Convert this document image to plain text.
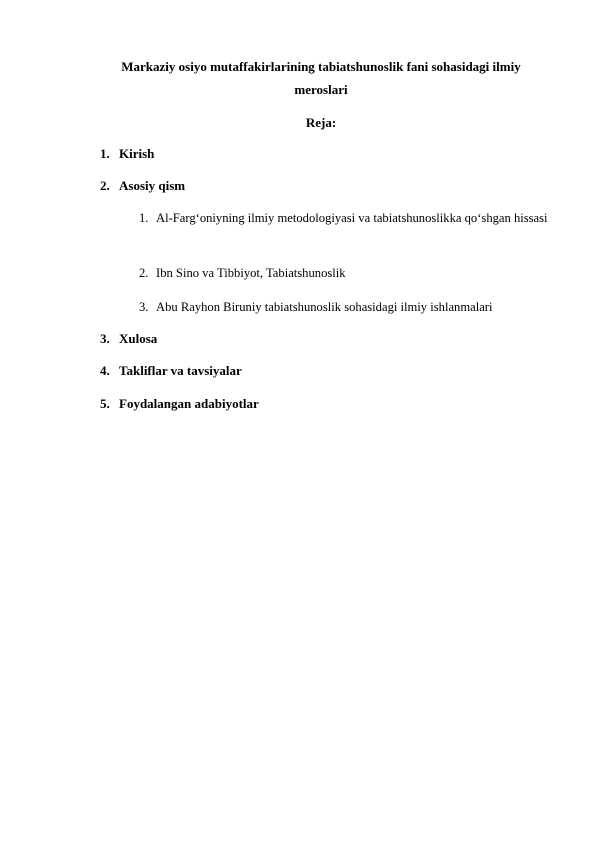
Markaziy osiyo mutaffakirlarining tabiatshunoslik fani sohasidagi ilmiy meroslari
Reja:
1. Kirish
2. Asosiy qism
1. Al-Farg‘oniyning ilmiy metodologiyasi va tabiatshunoslikka qo‘shgan hissasi
2. Ibn Sino va Tibbiyot, Tabiatshunoslik
3. Abu Rayhon Biruniy tabiatshunoslik sohasidagi ilmiy ishlanmalari
3. Xulosa
4. Takliflar va tavsiyalar
5. Foydalangan adabiyotlar
